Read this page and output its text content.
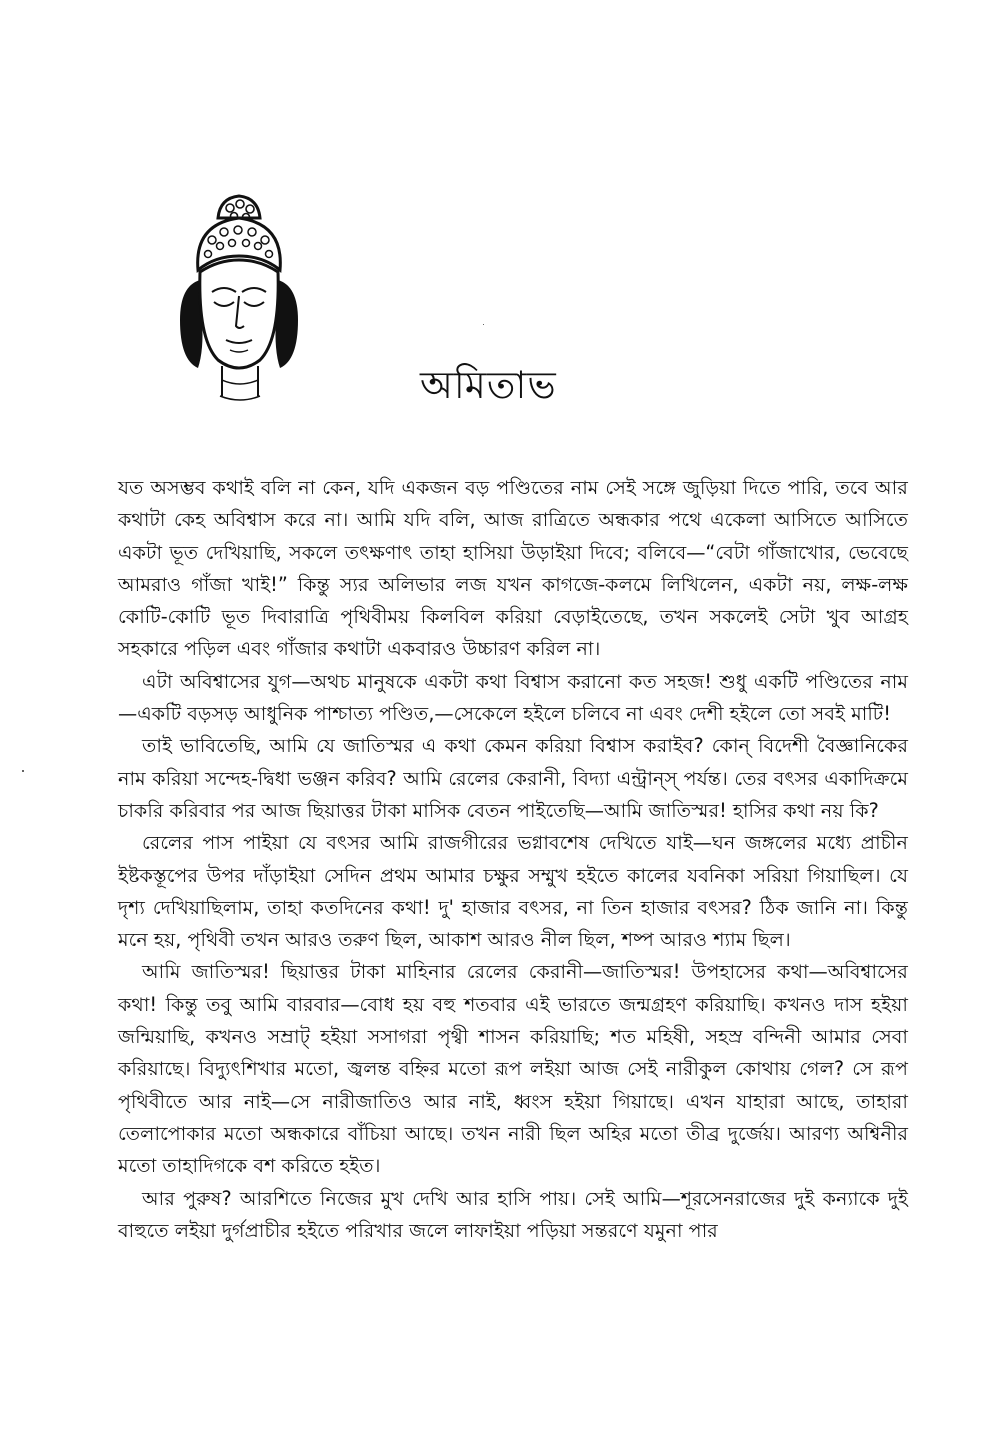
অমিতাভ

যত অসম্ভব কথাই বলি না কেন, যদি একজন বড় পণ্ডিতের নাম সেই সঙ্গে জুড়িয়া দিতে পারি, তবে আর কথাটা কেহ অবিশ্বাস করে না। আমি যদি বলি, আজ রাত্রিতে অন্ধকার পথে একেলা আসিতে আসিতে একটা ভূত দেখিয়াছি, সকলে তৎক্ষণাৎ তাহা হাসিয়া উড়াইয়া দিবে; বলিবে—“বেটা গাঁজাখোর, ভেবেছে আমরাও গাঁজা খাই!” কিন্তু স্যর অলিভার লজ যখন কাগজে-কলমে লিখিলেন, একটা নয়, লক্ষ-লক্ষ কোটি-কোটি ভূত দিবারাত্রি পৃথিবীময় কিলবিল করিয়া বেড়াইতেছে, তখন সকলেই সেটা খুব আগ্রহ সহকারে পড়িল এবং গাঁজার কথাটা একবারও উচ্চারণ করিল না।

এটা অবিশ্বাসের যুগ—অথচ মানুষকে একটা কথা বিশ্বাস করানো কত সহজ! শুধু একটি পণ্ডিতের নাম—একটি বড়সড় আধুনিক পাশ্চাত্য পণ্ডিত,—সেকেলে হইলে চলিবে না এবং দেশী হইলে তো সবই মাটি!

তাই ভাবিতেছি, আমি যে জাতিস্মর এ কথা কেমন করিয়া বিশ্বাস করাইব? কোন্ বিদেশী বৈজ্ঞানিকের নাম করিয়া সন্দেহ-দ্বিধা ভঞ্জন করিব? আমি রেলের কেরানী, বিদ্যা এন্ট্রান্স্ পর্যন্ত। তের বৎসর একাদিক্রমে চাকরি করিবার পর আজ ছিয়াত্তর টাকা মাসিক বেতন পাইতেছি—আমি জাতিস্মর! হাসির কথা নয় কি?

রেলের পাস পাইয়া যে বৎসর আমি রাজগীরের ভগ্নাবশেষ দেখিতে যাই—ঘন জঙ্গলের মধ্যে প্রাচীন ইষ্টকস্তূপের উপর দাঁড়াইয়া সেদিন প্রথম আমার চক্ষুর সম্মুখ হইতে কালের যবনিকা সরিয়া গিয়াছিল। যে দৃশ্য দেখিয়াছিলাম, তাহা কতদিনের কথা! দু' হাজার বৎসর, না তিন হাজার বৎসর? ঠিক জানি না। কিন্তু মনে হয়, পৃথিবী তখন আরও তরুণ ছিল, আকাশ আরও নীল ছিল, শষ্প আরও শ্যাম ছিল।

আমি জাতিস্মর! ছিয়াত্তর টাকা মাহিনার রেলের কেরানী—জাতিস্মর! উপহাসের কথা—অবিশ্বাসের কথা! কিন্তু তবু আমি বারবার—বোধ হয় বহু শতবার এই ভারতে জন্মগ্রহণ করিয়াছি। কখনও দাস হইয়া জন্মিয়াছি, কখনও সম্রাট্ হইয়া সসাগরা পৃথ্বী শাসন করিয়াছি; শত মহিষী, সহস্র বন্দিনী আমার সেবা করিয়াছে। বিদ্যুৎশিখার মতো, জ্বলন্ত বহ্নির মতো রূপ লইয়া আজ সেই নারীকুল কোথায় গেল? সে রূপ পৃথিবীতে আর নাই—সে নারীজাতিও আর নাই, ধ্বংস হইয়া গিয়াছে। এখন যাহারা আছে, তাহারা তেলাপোকার মতো অন্ধকারে বাঁচিয়া আছে। তখন নারী ছিল অহির মতো তীব্র দুর্জেয়। আরণ্য অশ্বিনীর মতো তাহাদিগকে বশ করিতে হইত।

আর পুরুষ? আরশিতে নিজের মুখ দেখি আর হাসি পায়। সেই আমি—শূরসেনরাজের দুই কন্যাকে দুই বাহুতে লইয়া দুর্গপ্রাচীর হইতে পরিখার জলে লাফাইয়া পড়িয়া সন্তরণে যমুনা পার
